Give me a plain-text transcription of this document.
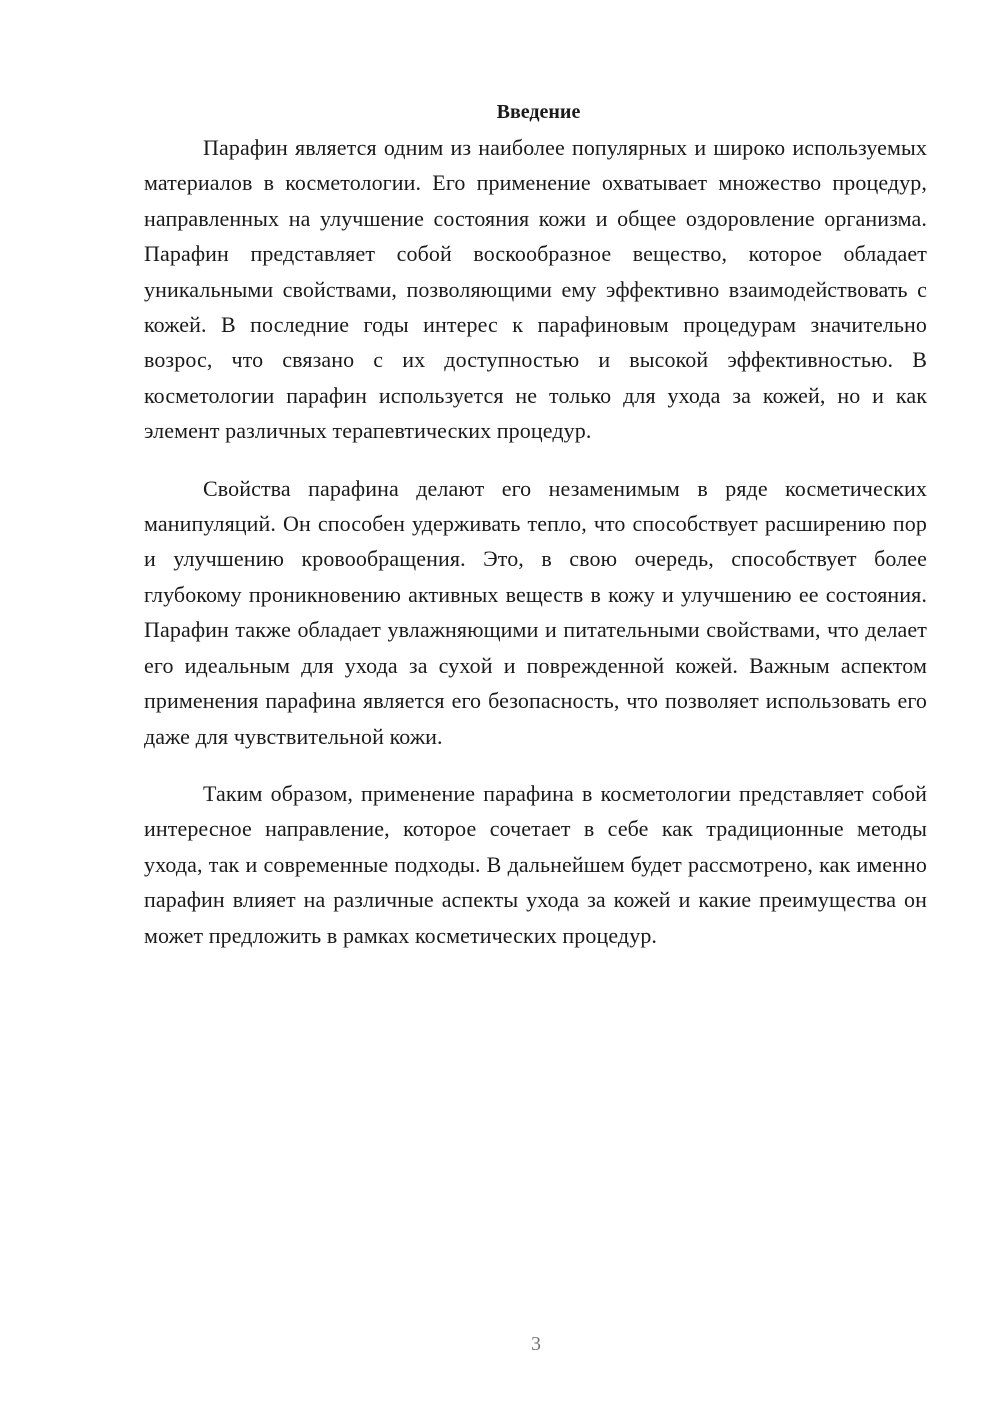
Введение

Парафин является одним из наиболее популярных и широко используемых материалов в косметологии. Его применение охватывает множество процедур, направленных на улучшение состояния кожи и общее оздоровление организма. Парафин представляет собой воскообразное вещество, которое обладает уникальными свойствами, позволяющими ему эффективно взаимодействовать с кожей. В последние годы интерес к парафиновым процедурам значительно возрос, что связано с их доступностью и высокой эффективностью. В косметологии парафин используется не только для ухода за кожей, но и как элемент различных терапевтических процедур.

Свойства парафина делают его незаменимым в ряде косметических манипуляций. Он способен удерживать тепло, что способствует расширению пор и улучшению кровообращения. Это, в свою очередь, способствует более глубокому проникновению активных веществ в кожу и улучшению ее состояния. Парафин также обладает увлажняющими и питательными свойствами, что делает его идеальным для ухода за сухой и поврежденной кожей. Важным аспектом применения парафина является его безопасность, что позволяет использовать его даже для чувствительной кожи.

Таким образом, применение парафина в косметологии представляет собой интересное направление, которое сочетает в себе как традиционные методы ухода, так и современные подходы. В дальнейшем будет рассмотрено, как именно парафин влияет на различные аспекты ухода за кожей и какие преимущества он может предложить в рамках косметических процедур.

3
